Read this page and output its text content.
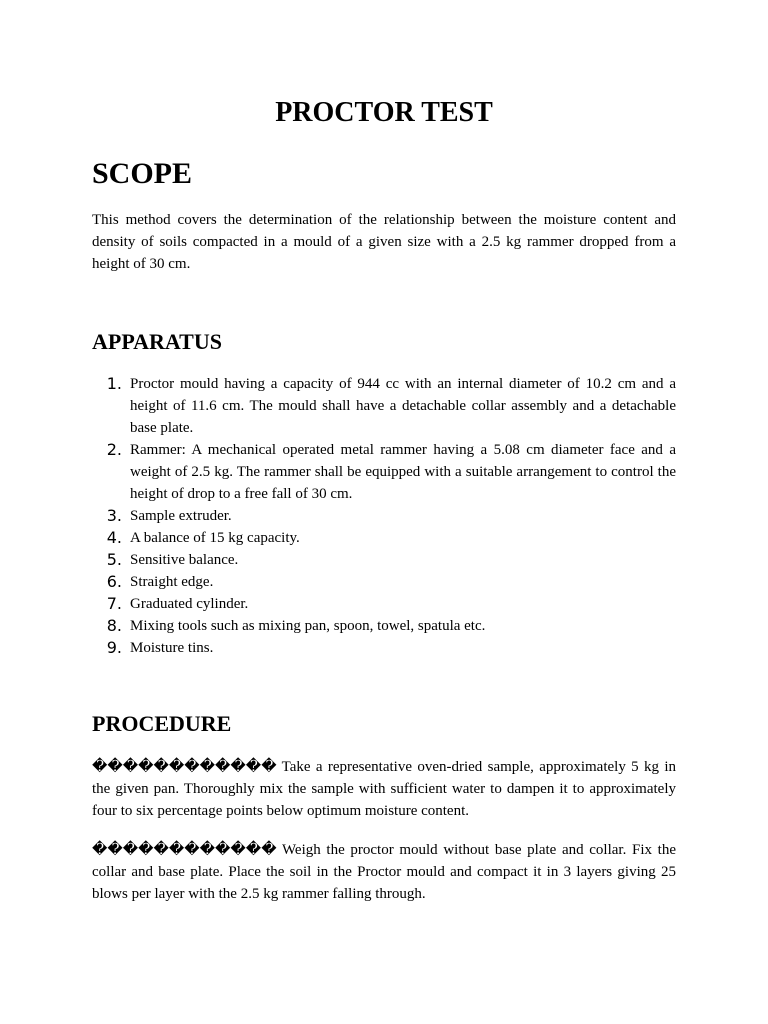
PROCTOR TEST
SCOPE

This method covers the determination of the relationship between the moisture content and density of soils compacted in a mould of a given size with a 2.5 kg rammer dropped from a height of 30 cm.

APPARATUS
1. Proctor mould having a capacity of 944 cc with an internal diameter of 10.2 cm and a height of 11.6 cm. The mould shall have a detachable collar assembly and a detachable base plate.
2. Rammer: A mechanical operated metal rammer having a 5.08 cm diameter face and a weight of 2.5 kg. The rammer shall be equipped with a suitable arrangement to control the height of drop to a free fall of 30 cm.
3. Sample extruder.
4. A balance of 15 kg capacity.
5. Sensitive balance.
6. Straight edge.
7. Graduated cylinder.
8. Mixing tools such as mixing pan, spoon, towel, spatula etc.
9. Moisture tins.
PROCEDURE

������������ Take a representative oven-dried sample, approximately 5 kg in the given pan. Thoroughly mix the sample with sufficient water to dampen it to approximately four to six percentage points below optimum moisture content.

������������ Weigh the proctor mould without base plate and collar. Fix the collar and base plate. Place the soil in the Proctor mould and compact it in 3 layers giving 25 blows per layer with the 2.5 kg rammer falling through.
